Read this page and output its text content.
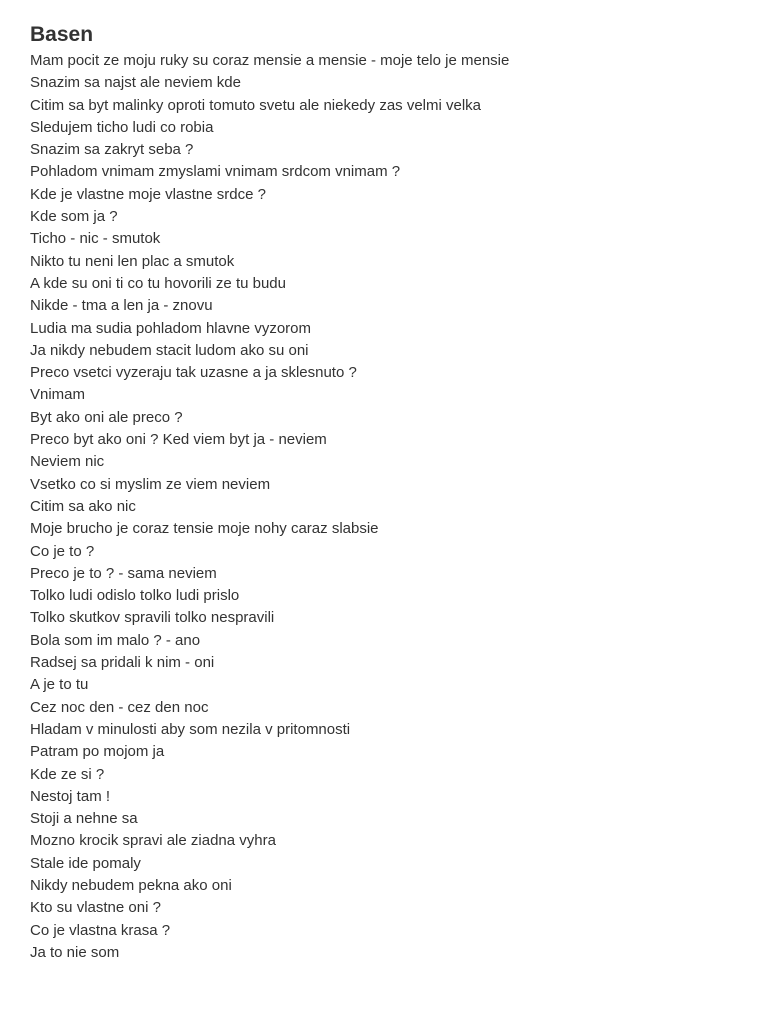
Basen
Mam pocit ze moju ruky su coraz mensie a mensie - moje telo je mensie
Snazim sa najst ale neviem kde
Citim sa byt malinky oproti tomuto svetu ale niekedy zas velmi velka
Sledujem ticho ludi co robia
Snazim sa zakryt seba ?
Pohladom vnimam zmyslami vnimam srdcom vnimam ?
Kde je vlastne moje vlastne srdce ?
Kde som ja ?
Ticho - nic - smutok
Nikto tu neni len plac a smutok
A kde su oni ti co tu hovorili ze tu budu
Nikde - tma a len ja - znovu
Ludia ma sudia pohladom hlavne vyzorom
Ja nikdy nebudem stacit ludom ako su oni
Preco vsetci vyzeraju tak uzasne a ja sklesnuto ?
Vnimam
Byt ako oni ale preco ?
Preco byt ako oni ? Ked viem byt ja - neviem
Neviem nic
Vsetko co si myslim ze viem neviem
Citim sa ako nic
Moje brucho je coraz tensie moje nohy caraz slabsie
Co je to ?
Preco je to ? - sama neviem
Tolko ludi odislo tolko ludi prislo
Tolko skutkov spravili tolko nespravili
Bola som im malo ? - ano
Radsej sa pridali k nim - oni
A je to tu
Cez noc den - cez den noc
Hladam v minulosti aby som nezila v pritomnosti
Patram po mojom ja
Kde ze si ?
Nestoj tam !
Stoji a nehne sa
Mozno krocik spravi ale ziadna vyhra
Stale ide pomaly
Nikdy nebudem pekna ako oni
Kto su vlastne oni ?
Co je vlastna krasa ?
Ja to nie som
